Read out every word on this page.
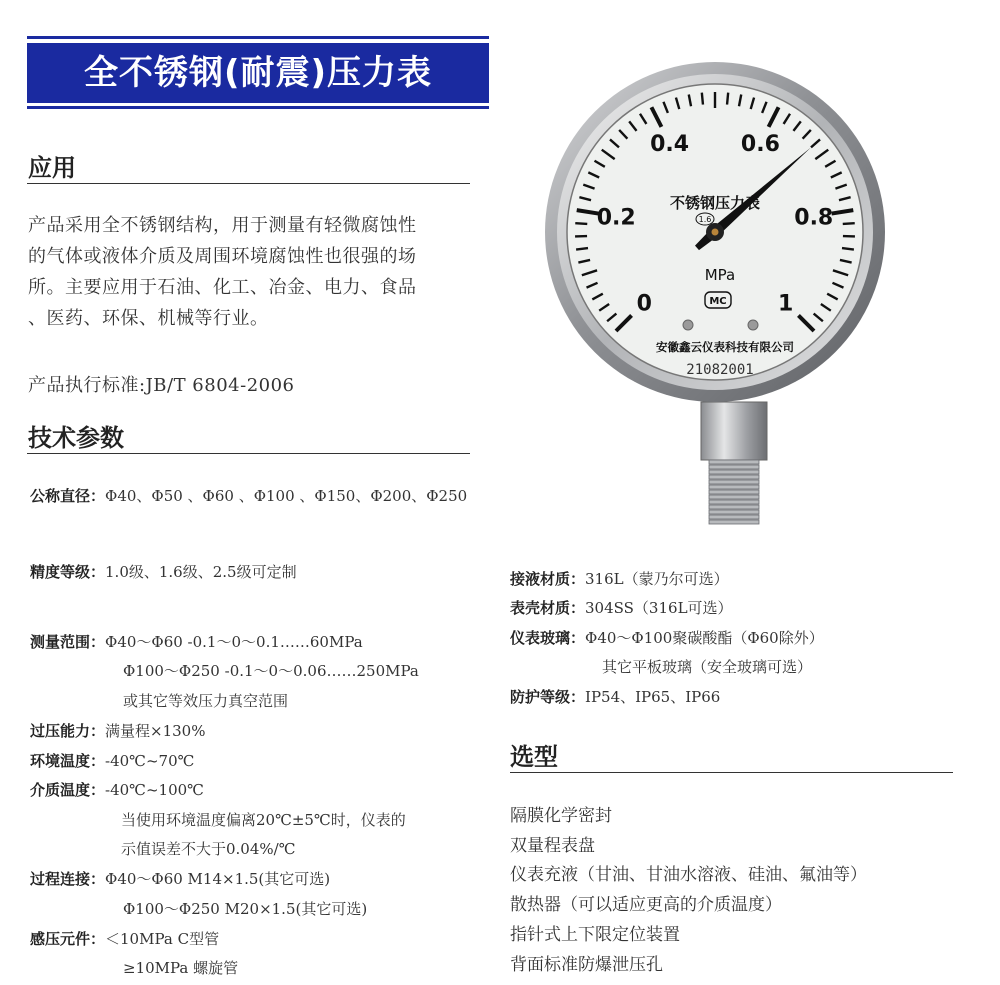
全不锈钢(耐震)压力表
应用
产品采用全不锈钢结构，用于测量有轻微腐蚀性
的气体或液体介质及周围环境腐蚀性也很强的场
所。主要应用于石油、化工、冶金、电力、食品
、医药、环保、机械等行业。
产品执行标准:JB/T 6804-2006
技术参数
公称直径：Φ40、Φ50 、Φ60 、Φ100 、Φ150、Φ200、Φ250
精度等级：1.0级、1.6级、2.5级可定制
测量范围：Φ40～Φ60 -0.1～0～0.1……60MPa
Φ100～Φ250 -0.1～0～0.06……250MPa
或其它等效压力真空范围
过压能力：满量程×130%
环境温度：-40℃~70℃
介质温度：-40℃~100℃
当使用环境温度偏离20℃±5℃时，仪表的
示值误差不大于0.04%/℃
过程连接：Φ40～Φ60 M14×1.5(其它可选)
Φ100～Φ250 M20×1.5(其它可选)
感压元件：＜10MPa C型管
≥10MPa 螺旋管
接液材质：316L（蒙乃尔可选）
表壳材质：304SS（316L可选）
仪表玻璃：Φ40～Φ100聚碳酸酯（Φ60除外）
其它平板玻璃（安全玻璃可选）
防护等级：IP54、IP65、IP66
选型
隔膜化学密封
双量程表盘
仪表充液（甘油、甘油水溶液、硅油、氟油等）
散热器（可以适应更高的介质温度）
指针式上下限定位装置
背面标准防爆泄压孔
0
0.2
0.4 0.6
0.8
1
不锈钢压力表
1.6
MPa
MC
安徽鑫云仪表科技有限公司
21082001
